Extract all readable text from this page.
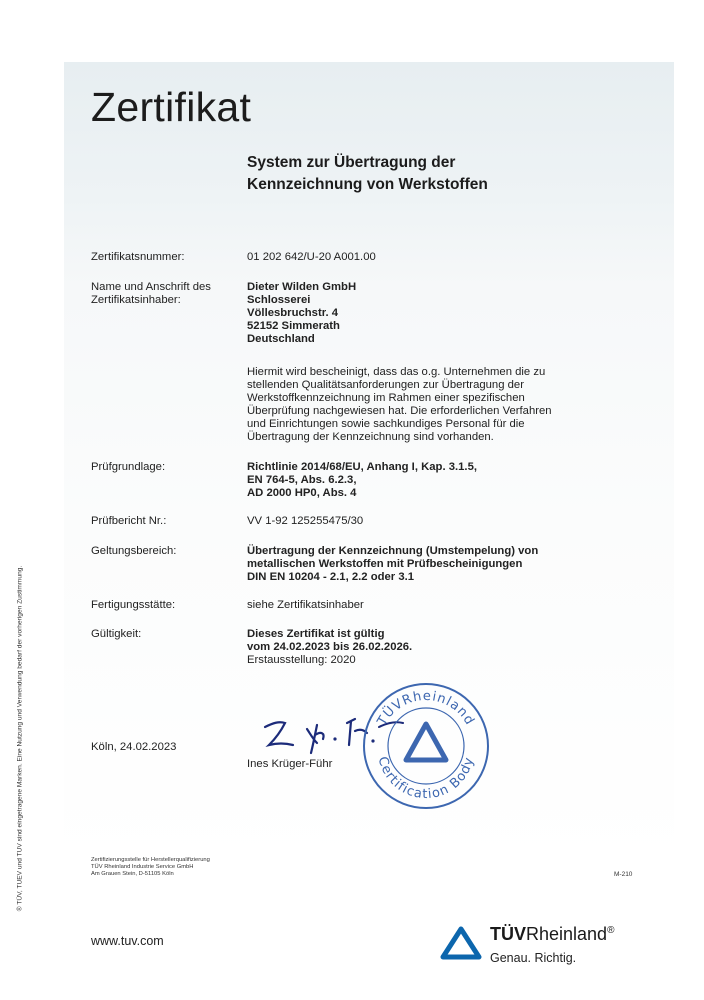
Zertifikat
System zur Übertragung der
Kennzeichnung von Werkstoffen
Zertifikatsnummer:	01 202 642/U-20 A001.00
Name und Anschrift des
Zertifikatsinhaber:
Dieter Wilden GmbH
Schlosserei
Völlesbruchstr. 4
52152 Simmerath
Deutschland
Hiermit wird bescheinigt, dass das o.g. Unternehmen die zu
stellenden Qualitätsanforderungen zur Übertragung der
Werkstoffkennzeichnung im Rahmen einer spezifischen
Überprüfung nachgewiesen hat. Die erforderlichen Verfahren
und Einrichtungen sowie sachkundiges Personal für die
Übertragung der Kennzeichnung sind vorhanden.
Prüfgrundlage:	Richtlinie 2014/68/EU, Anhang I, Kap. 3.1.5,
EN 764-5, Abs. 6.2.3,
AD 2000 HP0, Abs. 4
Prüfbericht Nr.:	VV 1-92 125255475/30
Geltungsbereich:	Übertragung der Kennzeichnung (Umstempelung) von
metallischen Werkstoffen mit Prüfbescheinigungen
DIN EN 10204 - 2.1, 2.2 oder 3.1
Fertigungsstätte:	siehe Zertifikatsinhaber
Gültigkeit:	Dieses Zertifikat ist gültig
vom 24.02.2023 bis 26.02.2026.
Erstausstellung: 2020
Köln, 24.02.2023
Ines Krüger-Führ
TÜVRheinland
Certification Body
® TÜV, TUEV und TUV sind eingetragene Marken. Eine Nutzung und Verwendung bedarf der vorherigen Zustimmung.	Zertifizierungsstelle für Herstellerqualifizierung
TÜV Rheinland Industrie Service GmbH
Am Grauen Stein, D-51105 Köln	M-210
www.tuv.com	TÜVRheinland®
Genau. Richtig.
